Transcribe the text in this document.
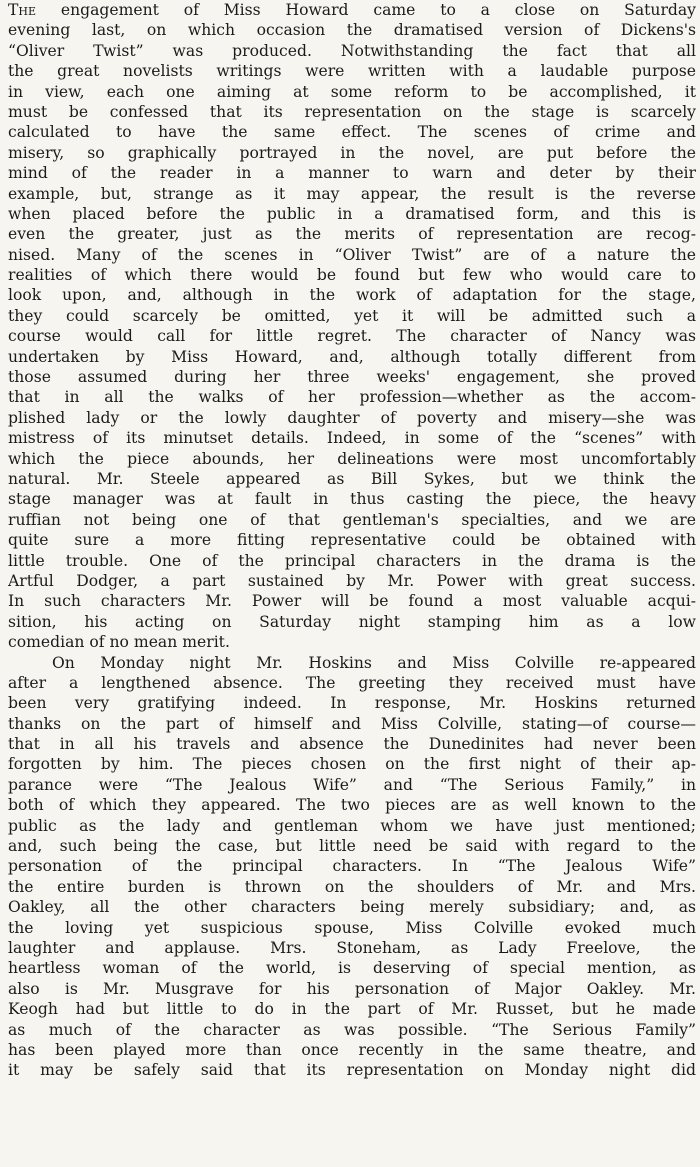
The engagement of Miss Howard came to a close on Saturday
evening last, on which occasion the dramatised version of Dickens's
“Oliver Twist” was produced. Notwithstanding the fact that all
the great novelists writings were written with a laudable purpose
in view, each one aiming at some reform to be accomplished, it
must be confessed that its representation on the stage is scarcely
calculated to have the same effect. The scenes of crime and
misery, so graphically portrayed in the novel, are put before the
mind of the reader in a manner to warn and deter by their
example, but, strange as it may appear, the result is the reverse
when placed before the public in a dramatised form, and this is
even the greater, just as the merits of representation are recog-
nised. Many of the scenes in “Oliver Twist” are of a nature the
realities of which there would be found but few who would care to
look upon, and, although in the work of adaptation for the stage,
they could scarcely be omitted, yet it will be admitted such a
course would call for little regret. The character of Nancy was
undertaken by Miss Howard, and, although totally different from
those assumed during her three weeks' engagement, she proved
that in all the walks of her profession—whether as the accom-
plished lady or the lowly daughter of poverty and misery—she was
mistress of its minutset details. Indeed, in some of the “scenes” with
which the piece abounds, her delineations were most uncomfortably
natural. Mr. Steele appeared as Bill Sykes, but we think the
stage manager was at fault in thus casting the piece, the heavy
ruffian not being one of that gentleman's specialties, and we are
quite sure a more fitting representative could be obtained with
little trouble. One of the principal characters in the drama is the
Artful Dodger, a part sustained by Mr. Power with great success.
In such characters Mr. Power will be found a most valuable acqui-
sition, his acting on Saturday night stamping him as a low
comedian of no mean merit.
On Monday night Mr. Hoskins and Miss Colville re-appeared
after a lengthened absence. The greeting they received must have
been very gratifying indeed. In response, Mr. Hoskins returned
thanks on the part of himself and Miss Colville, stating—of course—
that in all his travels and absence the Dunedinites had never been
forgotten by him. The pieces chosen on the first night of their ap-
parance were “The Jealous Wife” and “The Serious Family,” in
both of which they appeared. The two pieces are as well known to the
public as the lady and gentleman whom we have just mentioned;
and, such being the case, but little need be said with regard to the
personation of the principal characters. In “The Jealous Wife”
the entire burden is thrown on the shoulders of Mr. and Mrs.
Oakley, all the other characters being merely subsidiary; and, as
the loving yet suspicious spouse, Miss Colville evoked much
laughter and applause. Mrs. Stoneham, as Lady Freelove, the
heartless woman of the world, is deserving of special mention, as
also is Mr. Musgrave for his personation of Major Oakley. Mr.
Keogh had but little to do in the part of Mr. Russet, but he made
as much of the character as was possible. “The Serious Family”
has been played more than once recently in the same theatre, and
it may be safely said that its representation on Monday night did
